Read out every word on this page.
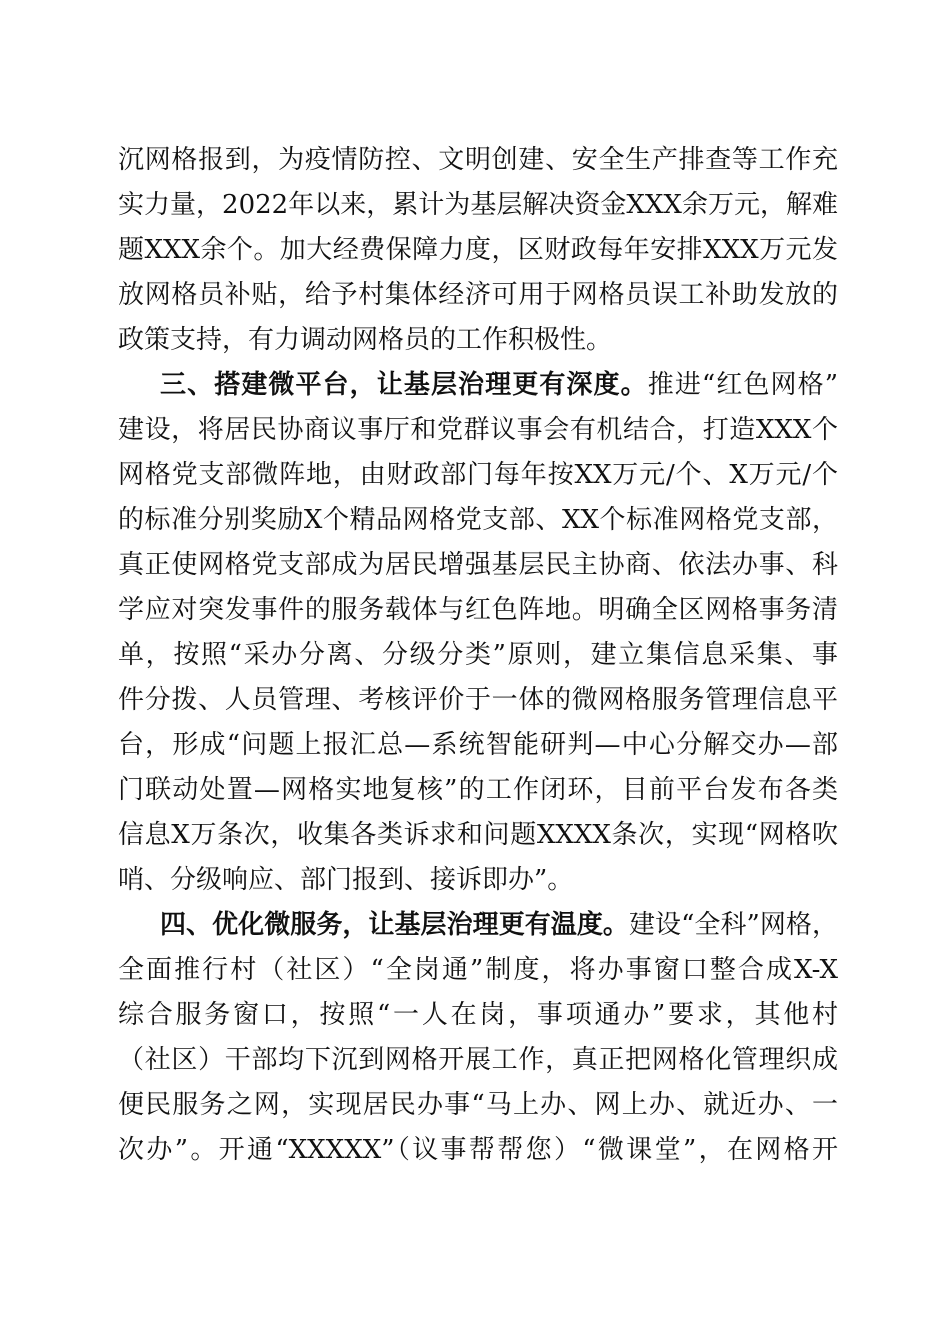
沉网格报到，为疫情防控、文明创建、安全生产排查等工作充
实力量，2022年以来，累计为基层解决资金XXX余万元，解难
题XXX余个。加大经费保障力度，区财政每年安排XXX万元发
放网格员补贴，给予村集体经济可用于网格员误工补助发放的
政策支持，有力调动网格员的工作积极性。
三、搭建微平台，让基层治理更有深度。推进“红色网格”
建设，将居民协商议事厅和党群议事会有机结合，打造XXX个
网格党支部微阵地，由财政部门每年按XX万元/个、X万元/个
的标准分别奖励X个精品网格党支部、XX个标准网格党支部，
真正使网格党支部成为居民增强基层民主协商、依法办事、科
学应对突发事件的服务载体与红色阵地。明确全区网格事务清
单，按照“采办分离、分级分类”原则，建立集信息采集、事
件分拨、人员管理、考核评价于一体的微网格服务管理信息平
台，形成“问题上报汇总—系统智能研判—中心分解交办—部
门联动处置—网格实地复核”的工作闭环，目前平台发布各类
信息X万条次，收集各类诉求和问题XXXX条次，实现“网格吹
哨、分级响应、部门报到、接诉即办”。
四、优化微服务，让基层治理更有温度。建设“全科”网格，
全面推行村（社区）“全岗通”制度，将办事窗口整合成X-X
综合服务窗口，按照“一人在岗，事项通办”要求，其他村
（社区）干部均下沉到网格开展工作，真正把网格化管理织成
便民服务之网，实现居民办事“马上办、网上办、就近办、一
次办”。开通“XXXXX”（议事帮帮您）“微课堂”，在网格开
